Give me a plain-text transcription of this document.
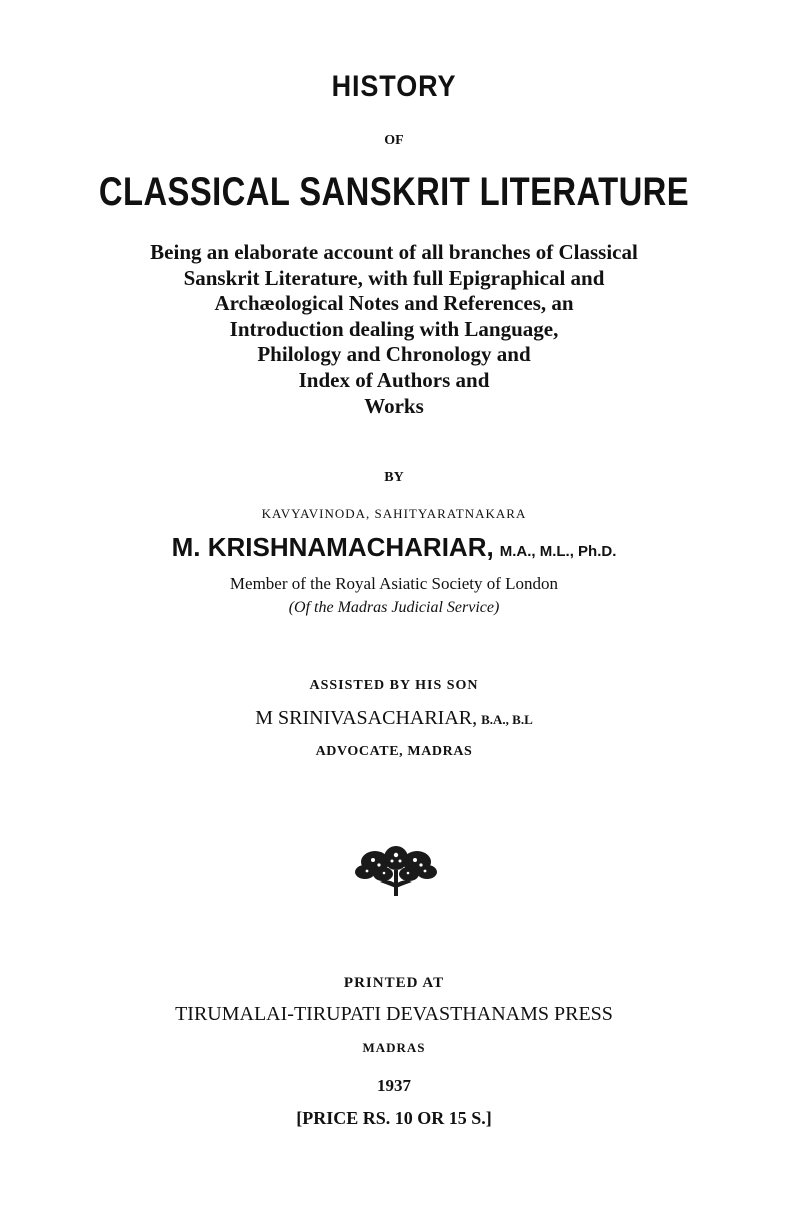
HISTORY
OF
CLASSICAL SANSKRIT LITERATURE
Being an elaborate account of all branches of Classical
Sanskrit Literature, with full Epigraphical and
Archæological Notes and References, an
Introduction dealing with Language,
Philology and Chronology and
Index of Authors and
Works
BY
KAVYAVINODA, SAHITYARATNAKARA
M. KRISHNAMACHARIAR, M.A., M.L., Ph.D.
Member of the Royal Asiatic Society of London
(Of the Madras Judicial Service)
ASSISTED BY HIS SON
M SRINIVASACHARIAR, B.A., B.L
ADVOCATE, MADRAS
PRINTED AT
TIRUMALAI-TIRUPATI DEVASTHANAMS PRESS
MADRAS
1937
[PRICE RS. 10 OR 15 S.]
